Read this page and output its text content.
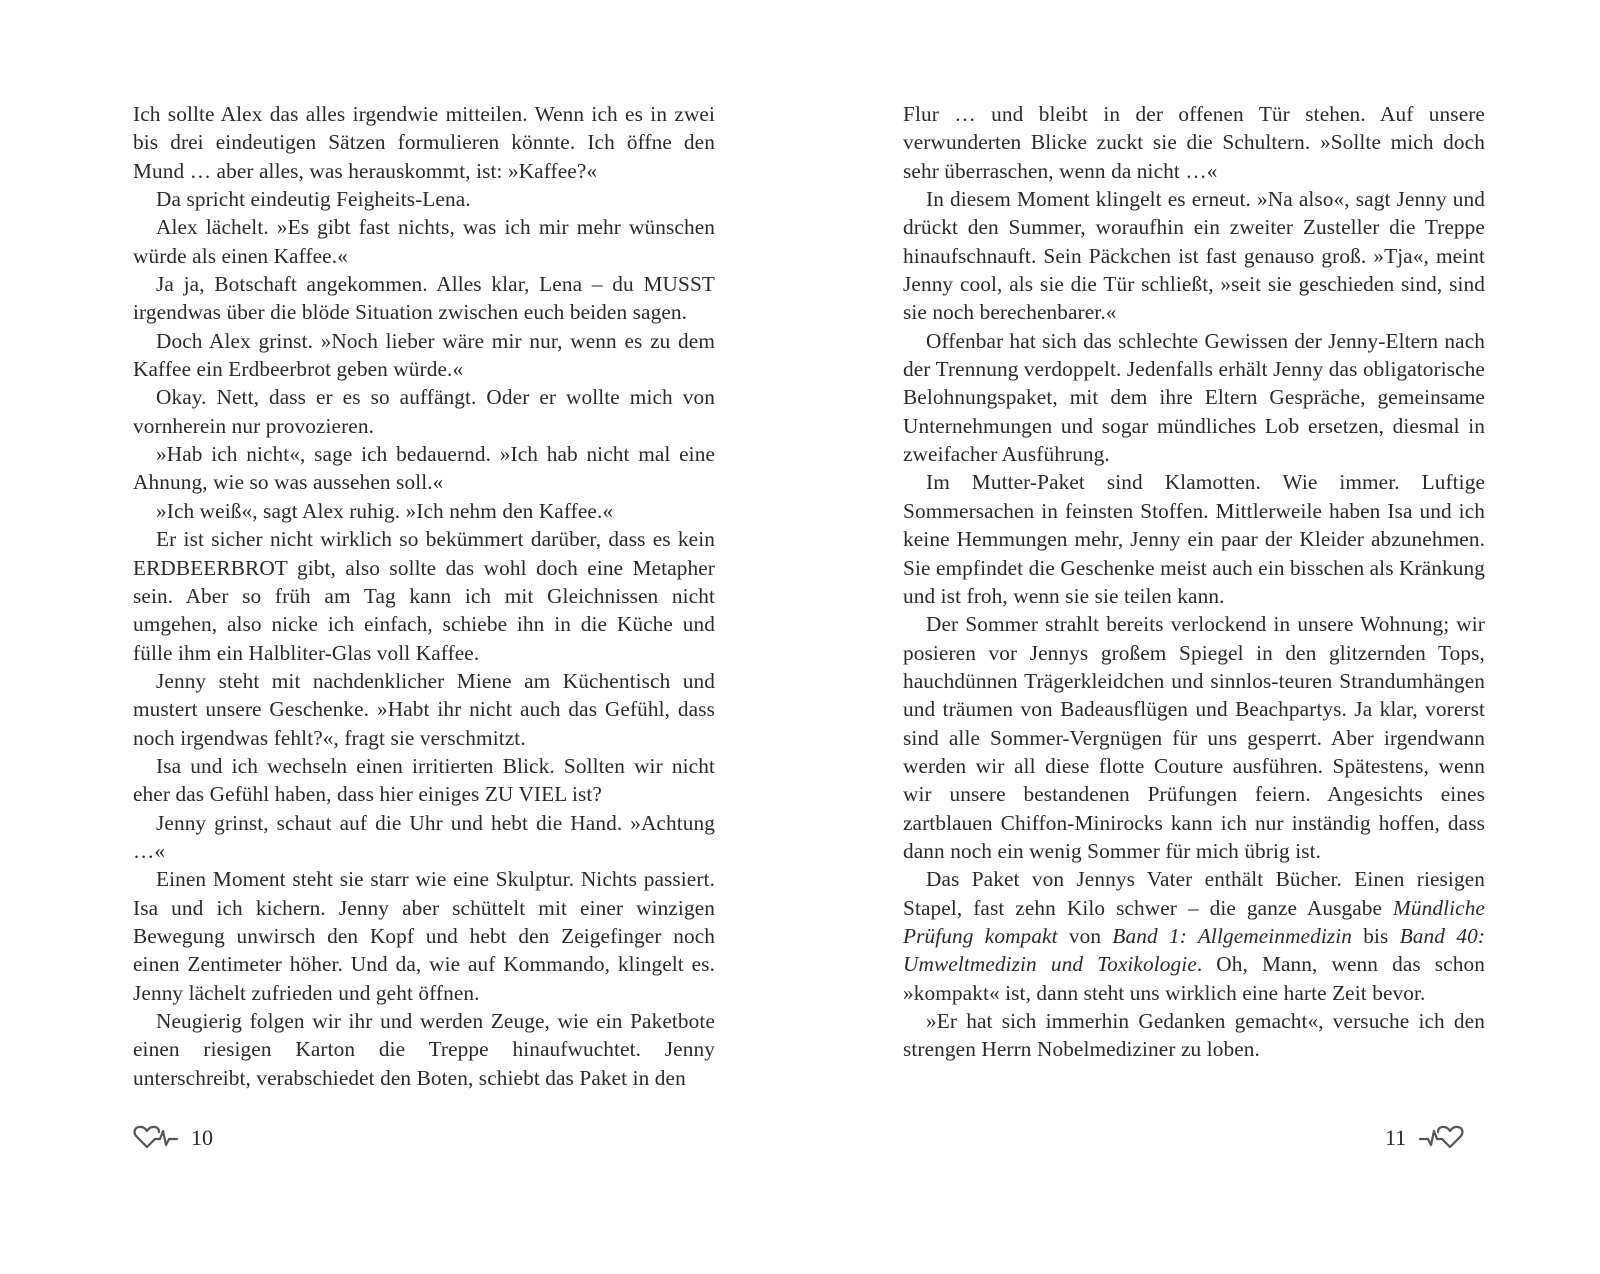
Ich sollte Alex das alles irgendwie mitteilen. Wenn ich es in zwei bis drei eindeutigen Sätzen formulieren könnte. Ich öffne den Mund … aber alles, was herauskommt, ist: »Kaffee?«

Da spricht eindeutig Feigheits-Lena.

Alex lächelt. »Es gibt fast nichts, was ich mir mehr wünschen würde als einen Kaffee.«

Ja ja, Botschaft angekommen. Alles klar, Lena – du MUSST irgendwas über die blöde Situation zwischen euch beiden sagen.

Doch Alex grinst. »Noch lieber wäre mir nur, wenn es zu dem Kaffee ein Erdbeerbrot geben würde.«

Okay. Nett, dass er es so auffängt. Oder er wollte mich von vornherein nur provozieren.

»Hab ich nicht«, sage ich bedauernd. »Ich hab nicht mal eine Ahnung, wie so was aussehen soll.«

»Ich weiß«, sagt Alex ruhig. »Ich nehm den Kaffee.«

Er ist sicher nicht wirklich so bekümmert darüber, dass es kein ERDBEERBROT gibt, also sollte das wohl doch eine Metapher sein. Aber so früh am Tag kann ich mit Gleichnissen nicht umgehen, also nicke ich einfach, schiebe ihn in die Küche und fülle ihm ein Halbliter-Glas voll Kaffee.

Jenny steht mit nachdenklicher Miene am Küchentisch und mustert unsere Geschenke. »Habt ihr nicht auch das Gefühl, dass noch irgendwas fehlt?«, fragt sie verschmitzt.

Isa und ich wechseln einen irritierten Blick. Sollten wir nicht eher das Gefühl haben, dass hier einiges ZU VIEL ist?

Jenny grinst, schaut auf die Uhr und hebt die Hand. »Achtung …«

Einen Moment steht sie starr wie eine Skulptur. Nichts passiert. Isa und ich kichern. Jenny aber schüttelt mit einer winzigen Bewegung unwirsch den Kopf und hebt den Zeigefinger noch einen Zentimeter höher. Und da, wie auf Kommando, klingelt es. Jenny lächelt zufrieden und geht öffnen.

Neugierig folgen wir ihr und werden Zeuge, wie ein Paketbote einen riesigen Karton die Treppe hinaufwuchtet. Jenny unterschreibt, verabschiedet den Boten, schiebt das Paket in den

Flur … und bleibt in der offenen Tür stehen. Auf unsere verwunderten Blicke zuckt sie die Schultern. »Sollte mich doch sehr überraschen, wenn da nicht …«

In diesem Moment klingelt es erneut. »Na also«, sagt Jenny und drückt den Summer, woraufhin ein zweiter Zusteller die Treppe hinaufschnauft. Sein Päckchen ist fast genauso groß. »Tja«, meint Jenny cool, als sie die Tür schließt, »seit sie geschieden sind, sind sie noch berechenbarer.«

Offenbar hat sich das schlechte Gewissen der Jenny-Eltern nach der Trennung verdoppelt. Jedenfalls erhält Jenny das obligatorische Belohnungspaket, mit dem ihre Eltern Gespräche, gemeinsame Unternehmungen und sogar mündliches Lob ersetzen, diesmal in zweifacher Ausführung.

Im Mutter-Paket sind Klamotten. Wie immer. Luftige Sommersachen in feinsten Stoffen. Mittlerweile haben Isa und ich keine Hemmungen mehr, Jenny ein paar der Kleider abzunehmen. Sie empfindet die Geschenke meist auch ein bisschen als Kränkung und ist froh, wenn sie sie teilen kann.

Der Sommer strahlt bereits verlockend in unsere Wohnung; wir posieren vor Jennys großem Spiegel in den glitzernden Tops, hauchdünnen Trägerkleidchen und sinnlos-teuren Strandumhängen und träumen von Badeausflügen und Beachpartys. Ja klar, vorerst sind alle Sommer-Vergnügen für uns gesperrt. Aber irgendwann werden wir all diese flotte Couture ausführen. Spätestens, wenn wir unsere bestandenen Prüfungen feiern. Angesichts eines zartblauen Chiffon-Minirocks kann ich nur inständig hoffen, dass dann noch ein wenig Sommer für mich übrig ist.

Das Paket von Jennys Vater enthält Bücher. Einen riesigen Stapel, fast zehn Kilo schwer – die ganze Ausgabe Mündliche Prüfung kompakt von Band 1: Allgemeinmedizin bis Band 40: Umweltmedizin und Toxikologie. Oh, Mann, wenn das schon »kompakt« ist, dann steht uns wirklich eine harte Zeit bevor.

»Er hat sich immerhin Gedanken gemacht«, versuche ich den strengen Herrn Nobelmediziner zu loben.

10	11
